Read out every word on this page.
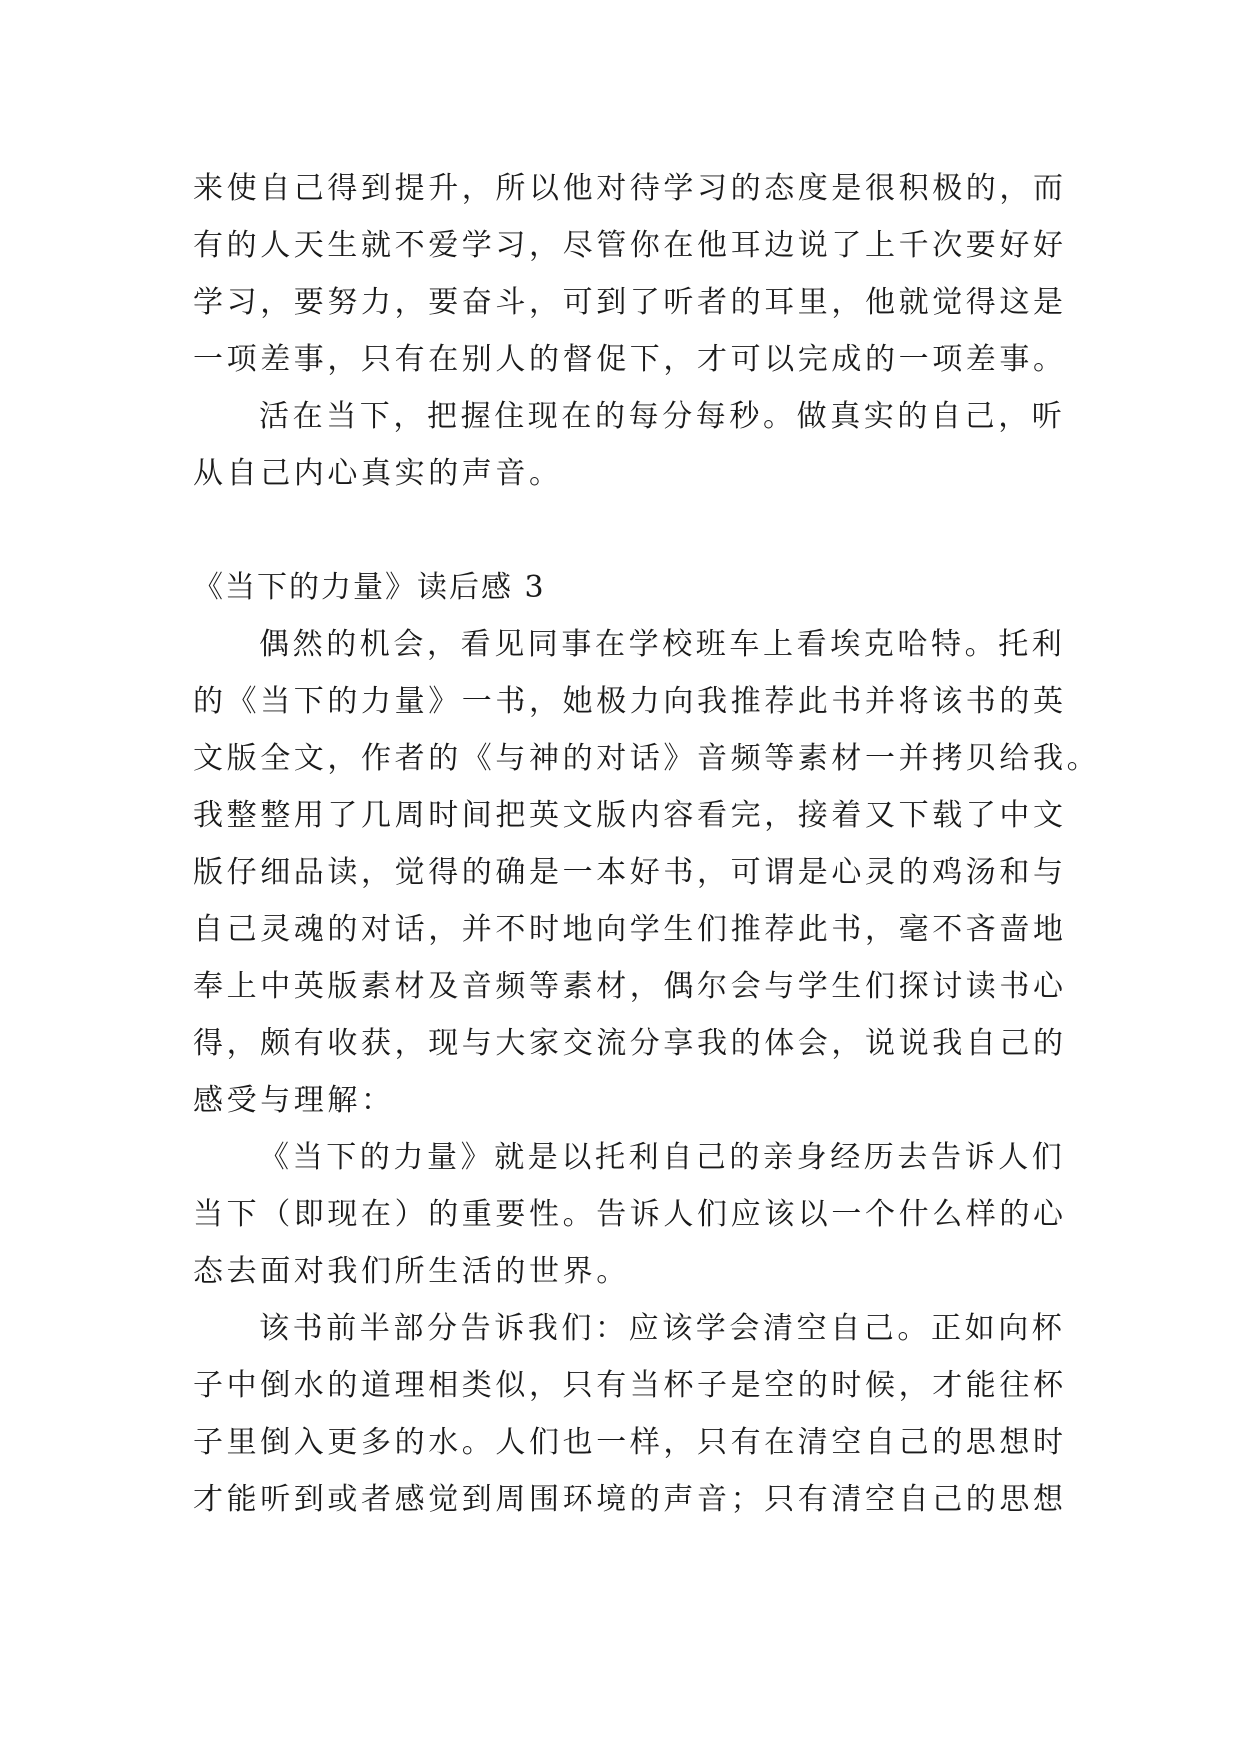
来使自己得到提升，所以他对待学习的态度是很积极的，而
有的人天生就不爱学习，尽管你在他耳边说了上千次要好好
学习，要努力，要奋斗，可到了听者的耳里，他就觉得这是
一项差事，只有在别人的督促下，才可以完成的一项差事。
活在当下，把握住现在的每分每秒。做真实的自己，听
从自己内心真实的声音。
《当下的力量》读后感 3
偶然的机会，看见同事在学校班车上看埃克哈特。托利
的《当下的力量》一书，她极力向我推荐此书并将该书的英
文版全文，作者的《与神的对话》音频等素材一并拷贝给我。
我整整用了几周时间把英文版内容看完，接着又下载了中文
版仔细品读，觉得的确是一本好书，可谓是心灵的鸡汤和与
自己灵魂的对话，并不时地向学生们推荐此书，毫不吝啬地
奉上中英版素材及音频等素材，偶尔会与学生们探讨读书心
得，颇有收获，现与大家交流分享我的体会，说说我自己的
感受与理解：
《当下的力量》就是以托利自己的亲身经历去告诉人们
当下（即现在）的重要性。告诉人们应该以一个什么样的心
态去面对我们所生活的世界。
该书前半部分告诉我们：应该学会清空自己。正如向杯
子中倒水的道理相类似，只有当杯子是空的时候，才能往杯
子里倒入更多的水。人们也一样，只有在清空自己的思想时
才能听到或者感觉到周围环境的声音；只有清空自己的思想
